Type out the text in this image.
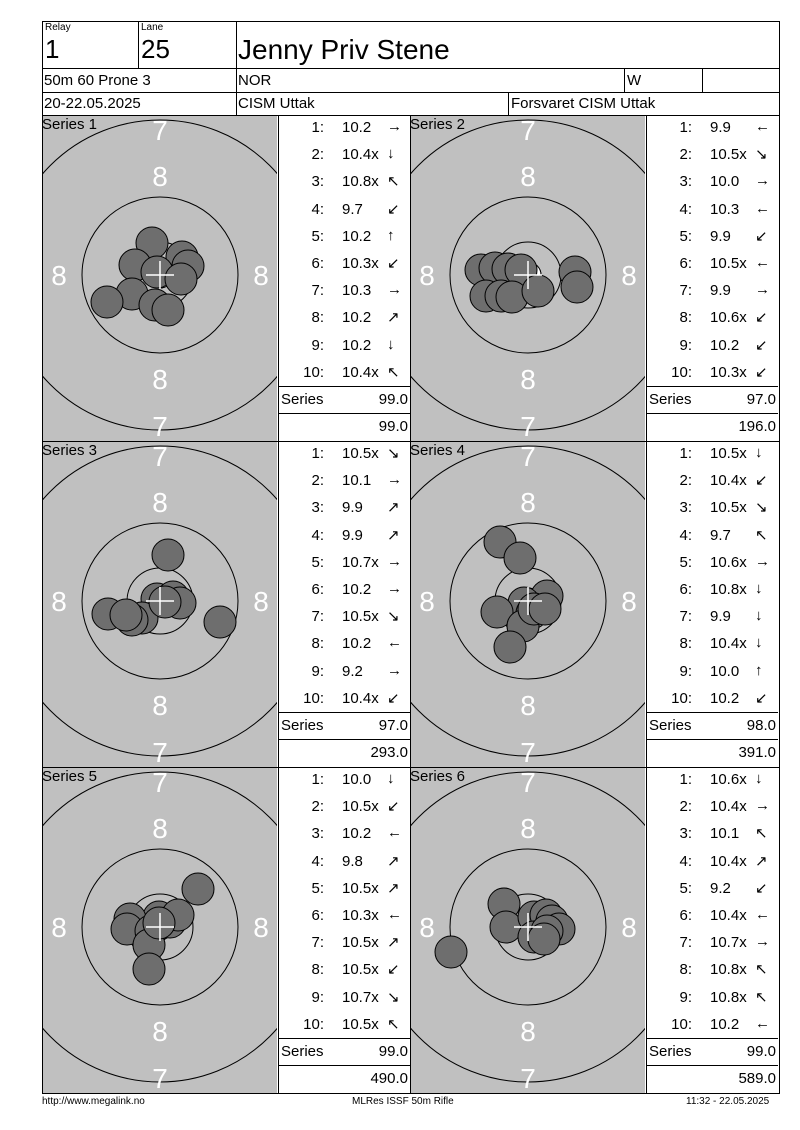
Relay
1
Lane
25 Jenny Priv Stene
50m 60 Prone 3	NOR	W
20-22.05.2025	CISM Uttak	Forsvaret CISM Uttak
7
7
8
8
8	8
Series 1	1: 10.2 →
2: 10.4x ↓
3: 10.8x ↖
4: 9.7 ↙
5: 10.2 ↑
6: 10.3x ↙
7: 10.3 →
8: 10.2 ↗
9: 10.2 ↓
10: 10.4x ↖
Series	99.0
99.0
7
7
8
8
8	8
Series 2	1: 9.9 ←
2: 10.5x ↘
3: 10.0 →
4: 10.3 ←
5: 9.9 ↙
6: 10.5x ←
7: 9.9 →
8: 10.6x ↙
9: 10.2 ↙
10: 10.3x ↙
Series	97.0
196.0
7
7
8
8
8	8
Series 3	1: 10.5x ↘
2: 10.1 →
3: 9.9 ↗
4: 9.9 ↗
5: 10.7x →
6: 10.2 →
7: 10.5x ↘
8: 10.2 ←
9: 9.2 →
10: 10.4x ↙
Series	97.0
293.0
7
7
8
8
8	8
Series 4	1: 10.5x ↓
2: 10.4x ↙
3: 10.5x ↘
4: 9.7 ↖
5: 10.6x →
6: 10.8x ↓
7: 9.9 ↓
8: 10.4x ↓
9: 10.0 ↑
10: 10.2 ↙
Series	98.0
391.0
7
7
8
8
8	8
Series 5	1: 10.0 ↓
2: 10.5x ↙
3: 10.2 ←
4: 9.8 ↗
5: 10.5x ↗
6: 10.3x ←
7: 10.5x ↗
8: 10.5x ↙
9: 10.7x ↘
10: 10.5x ↖
Series	99.0
490.0
7
7
8
8
8	8
Series 6	1: 10.6x ↓
2: 10.4x →
3: 10.1 ↖
4: 10.4x ↗
5: 9.2 ↙
6: 10.4x ←
7: 10.7x →
8: 10.8x ↖
9: 10.8x ↖
10: 10.2 ←
Series	99.0
589.0
http://www.megalink.no	MLRes ISSF 50m Rifle	11:32 - 22.05.2025
